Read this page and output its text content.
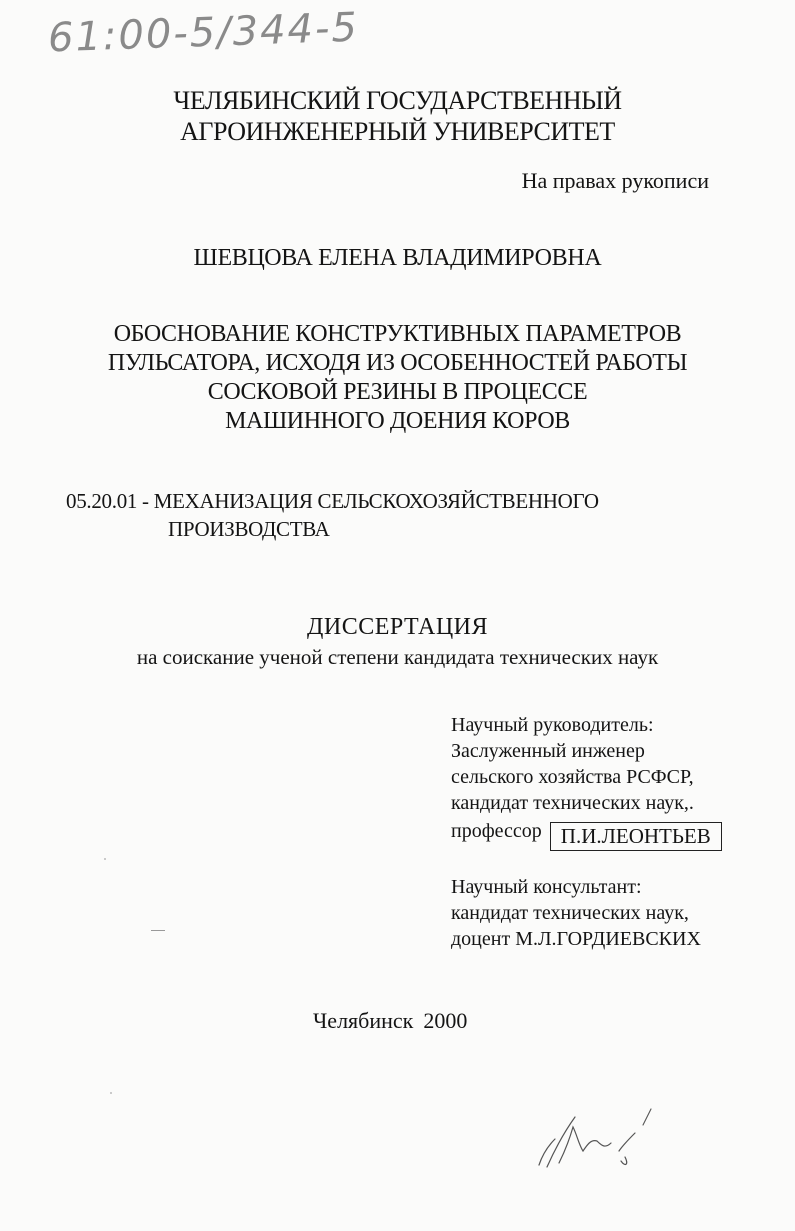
61:00-5/344-5
ЧЕЛЯБИНСКИЙ ГОСУДАРСТВЕННЫЙ
АГРОИНЖЕНЕРНЫЙ УНИВЕРСИТЕТ
На правах рукописи
ШЕВЦОВА ЕЛЕНА ВЛАДИМИРОВНА
ОБОСНОВАНИЕ КОНСТРУКТИВНЫХ ПАРАМЕТРОВ
ПУЛЬСАТОРА, ИСХОДЯ ИЗ ОСОБЕННОСТЕЙ РАБОТЫ
СОСКОВОЙ РЕЗИНЫ В ПРОЦЕССЕ
МАШИННОГО ДОЕНИЯ КОРОВ
05.20.01 - МЕХАНИЗАЦИЯ СЕЛЬСКОХОЗЯЙСТВЕННОГО
ПРОИЗВОДСТВА
ДИССЕРТАЦИЯ
на соискание ученой степени кандидата технических наук
Научный руководитель:
Заслуженный инженер
сельского хозяйства РСФСР,
кандидат технических наук,.
профессор П.И.ЛЕОНТЬЕВ
Научный консультант:
кандидат технических наук,
доцент М.Л.ГОРДИЕВСКИХ
Челябинск 2000
